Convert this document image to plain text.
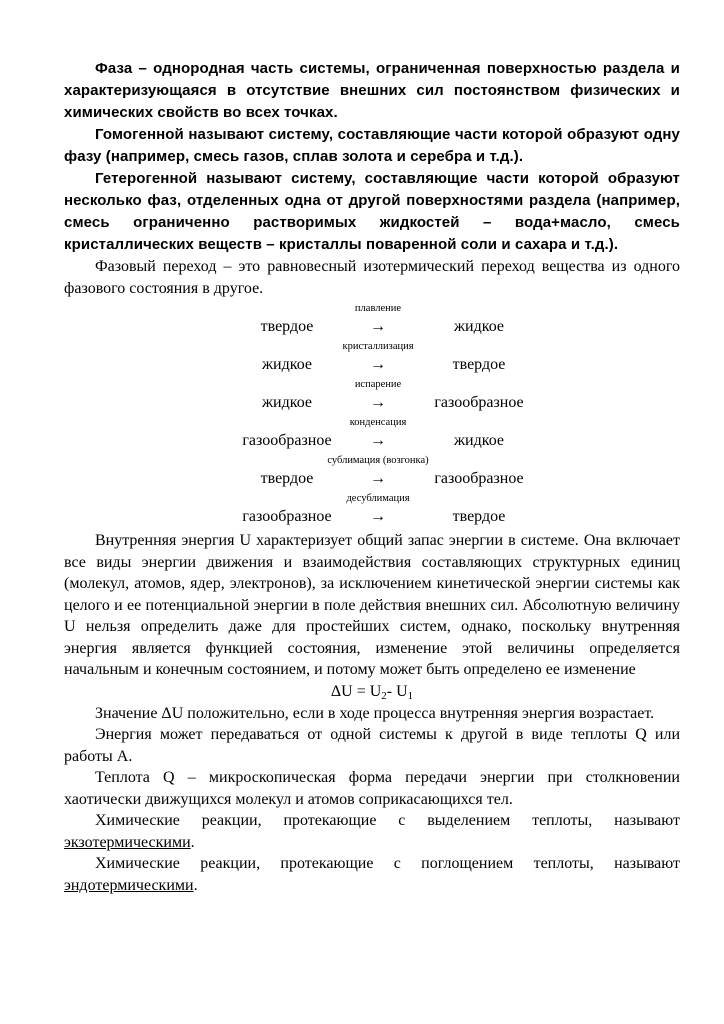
Фаза – однородная часть системы, ограниченная поверхностью раздела и характеризующаяся в отсутствие внешних сил постоянством физических и химических свойств во всех точках.

Гомогенной называют систему, составляющие части которой образуют одну фазу (например, смесь газов, сплав золота и серебра и т.д.).

Гетерогенной называют систему, составляющие части которой образуют несколько фаз, отделенных одна от другой поверхностями раздела (например, смесь ограниченно растворимых жидкостей – вода+масло, смесь кристаллических веществ – кристаллы поваренной соли и сахара и т.д.).

Фазовый переход – это равновесный изотермический переход вещества из одного фазового состояния в другое.

плавление
твердое	→	жидкое
кристаллизация
жидкое	→	твердое
испарение
жидкое	→	газообразное
конденсация
газообразное	→	жидкое
сублимация (возгонка)
твердое	→	газообразное
десублимация
газообразное	→	твердое

Внутренняя энергия U характеризует общий запас энергии в системе. Она включает все виды энергии движения и взаимодействия составляющих структурных единиц (молекул, атомов, ядер, электронов), за исключением кинетической энергии системы как целого и ее потенциальной энергии в поле действия внешних сил. Абсолютную величину U нельзя определить даже для простейших систем, однако, поскольку внутренняя энергия является функцией состояния, изменение этой величины определяется начальным и конечным состоянием, и потому может быть определено ее изменение

$\Delta U = U_2-$ $U_1$

Значение ΔU положительно, если в ходе процесса внутренняя энергия возрастает.

Энергия может передаваться от одной системы к другой в виде теплоты Q или работы А.

Теплота Q – микроскопическая форма передачи энергии при столкновении хаотически движущихся молекул и атомов соприкасающихся тел.

Химические реакции, протекающие с выделением теплоты, называют экзотермическими.

Химические реакции, протекающие с поглощением теплоты, называют эндотермическими.
